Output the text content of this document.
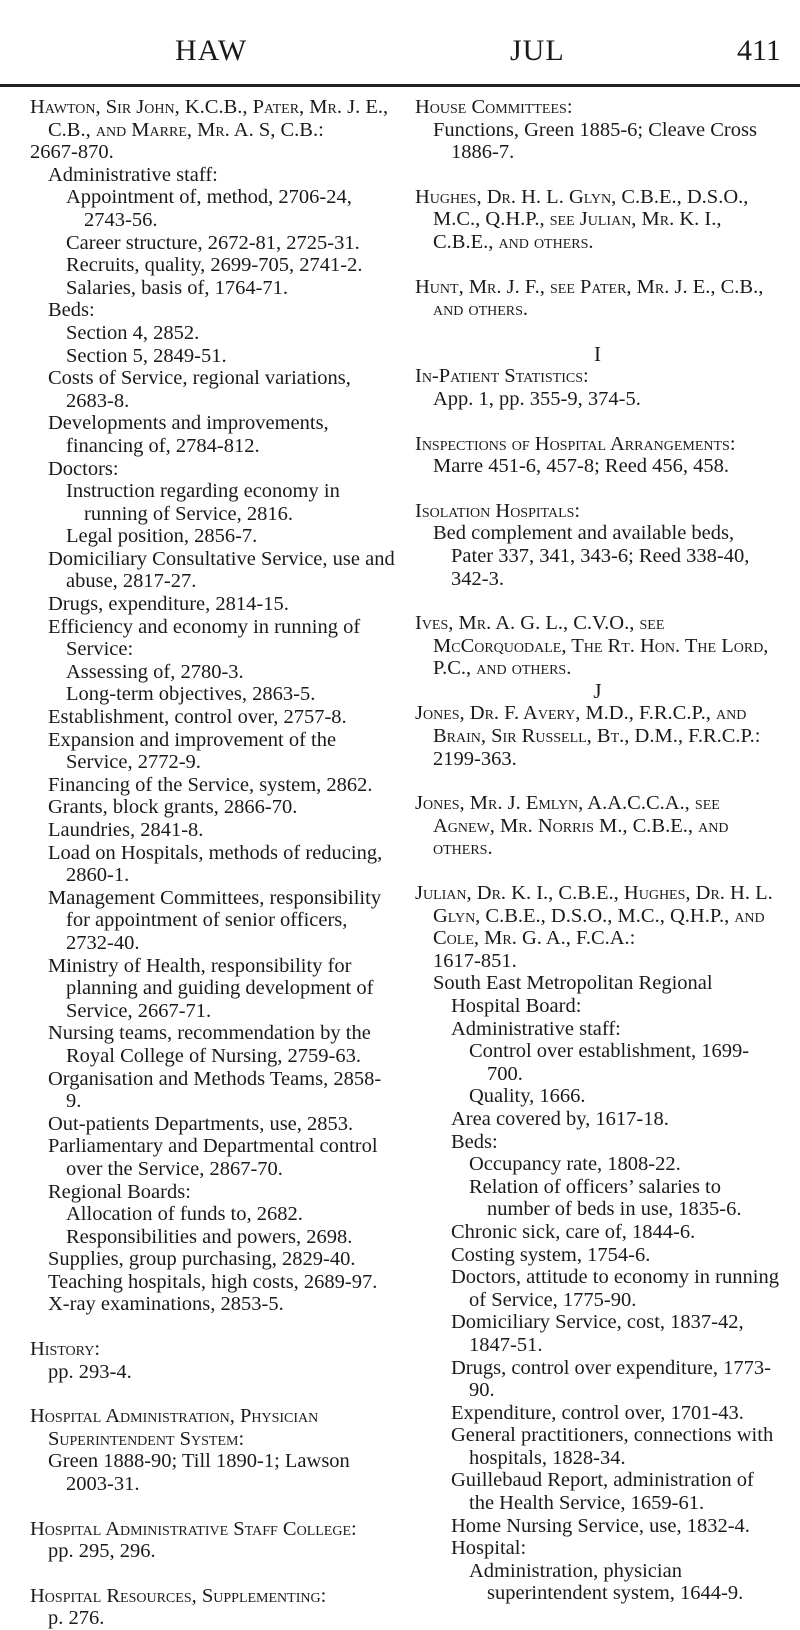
HAW	JUL	411

Hawton, Sir John, K.C.B., Pater, Mr. J. E., C.B., and Marre, Mr. A. S, C.B.:

2667-870.

Administrative staff:

Appointment of, method, 2706-24, 2743-56.

Career structure, 2672-81, 2725-31.

Recruits, quality, 2699-705, 2741-2.

Salaries, basis of, 1764-71.

Beds:

Section 4, 2852.

Section 5, 2849-51.

Costs of Service, regional variations, 2683-8.

Developments and improvements, financing of, 2784-812.

Doctors:

Instruction regarding economy in running of Service, 2816.

Legal position, 2856-7.

Domiciliary Consultative Service, use and abuse, 2817-27.

Drugs, expenditure, 2814-15.

Efficiency and economy in running of Service:

Assessing of, 2780-3.

Long-term objectives, 2863-5.

Establishment, control over, 2757-8.

Expansion and improvement of the Service, 2772-9.

Financing of the Service, system, 2862.

Grants, block grants, 2866-70.

Laundries, 2841-8.

Load on Hospitals, methods of reducing, 2860-1.

Management Committees, responsibility for appointment of senior officers, 2732-40.

Ministry of Health, responsibility for planning and guiding development of Service, 2667-71.

Nursing teams, recommendation by the Royal College of Nursing, 2759-63.

Organisation and Methods Teams, 2858-9.

Out-patients Departments, use, 2853.

Parliamentary and Departmental control over the Service, 2867-70.

Regional Boards:

Allocation of funds to, 2682.

Responsibilities and powers, 2698.

Supplies, group purchasing, 2829-40.

Teaching hospitals, high costs, 2689-97.

X-ray examinations, 2853-5.

History:

pp. 293-4.

Hospital Administration, Physician Superintendent System:

Green 1888-90; Till 1890-1; Lawson 2003-31.

Hospital Administrative Staff College:

pp. 295, 296.

Hospital Resources, Supplementing:

p. 276.

House Committees:

Functions, Green 1885-6; Cleave Cross 1886-7.

Hughes, Dr. H. L. Glyn, C.B.E., D.S.O., M.C., Q.H.P., see Julian, Mr. K. I., C.B.E., and others.

Hunt, Mr. J. F., see Pater, Mr. J. E., C.B., and others.

I

In-Patient Statistics:

App. 1, pp. 355-9, 374-5.

Inspections of Hospital Arrangements:

Marre 451-6, 457-8; Reed 456, 458.

Isolation Hospitals:

Bed complement and available beds, Pater 337, 341, 343-6; Reed 338-40, 342-3.

Ives, Mr. A. G. L., C.V.O., see McCorquodale, The Rt. Hon. The Lord, P.C., and others.

J

Jones, Dr. F. Avery, M.D., F.R.C.P., and Brain, Sir Russell, Bt., D.M., F.R.C.P.:

2199-363.

Jones, Mr. J. Emlyn, A.A.C.C.A., see Agnew, Mr. Norris M., C.B.E., and others.

Julian, Dr. K. I., C.B.E., Hughes, Dr. H. L. Glyn, C.B.E., D.S.O., M.C., Q.H.P., and Cole, Mr. G. A., F.C.A.:

1617-851.

South East Metropolitan Regional Hospital Board:

Administrative staff:

Control over establishment, 1699-700.

Quality, 1666.

Area covered by, 1617-18.

Beds:

Occupancy rate, 1808-22.

Relation of officers’ salaries to number of beds in use, 1835-6.

Chronic sick, care of, 1844-6.

Costing system, 1754-6.

Doctors, attitude to economy in running of Service, 1775-90.

Domiciliary Service, cost, 1837-42, 1847-51.

Drugs, control over expenditure, 1773-90.

Expenditure, control over, 1701-43.

General practitioners, connections with hospitals, 1828-34.

Guillebaud Report, administration of the Health Service, 1659-61.

Home Nursing Service, use, 1832-4.

Hospital:

Administration, physician superintendent system, 1644-9.
